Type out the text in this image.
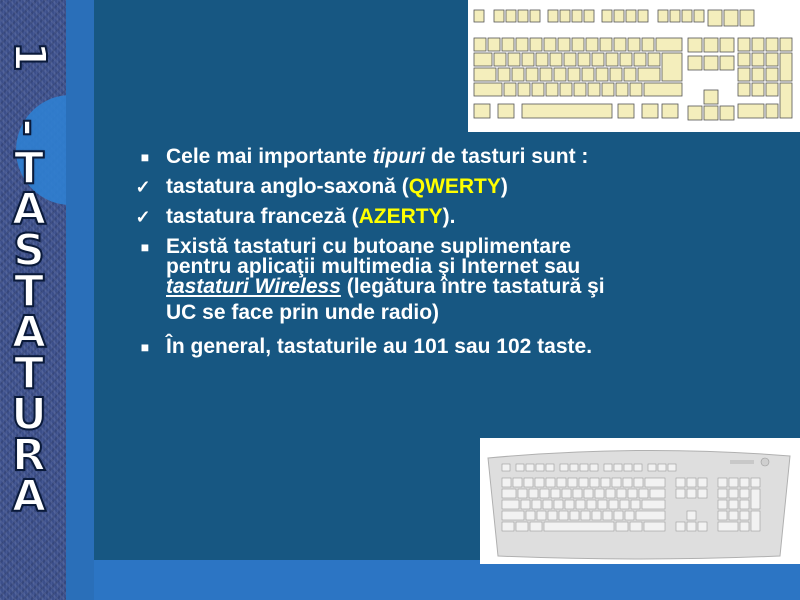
1
-
T
A
S
T
A
T
U
R
A
■ Cele mai importante tipuri de tasturi sunt :
✓ tastatura anglo-saxonă (QWERTY)
✓ tastatura franceză (AZERTY).
■ Există tastaturi cu butoane suplimentare pentru aplicaţii multimedia şi Internet sau tastaturi Wireless (legătura între tastatură şi
UC se face prin unde radio)
■ În general, tastaturile au 101 sau 102 taste.
